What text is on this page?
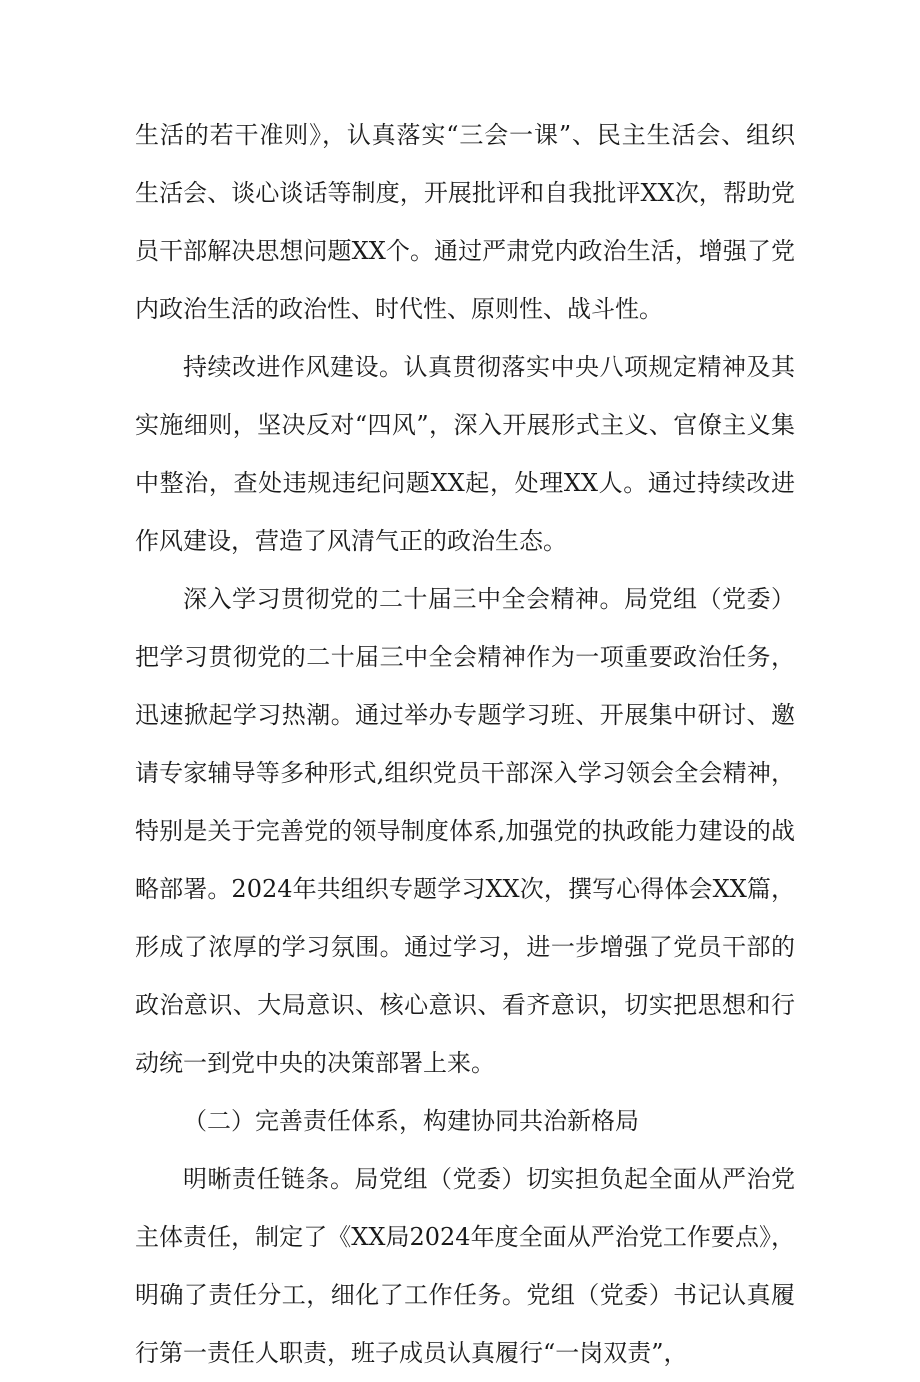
生活的若干准则》，认真落实“三会一课”、民主生活会、组织生活会、谈心谈话等制度，开展批评和自我批评XX次，帮助党员干部解决思想问题XX个。通过严肃党内政治生活，增强了党内政治生活的政治性、时代性、原则性、战斗性。

持续改进作风建设。认真贯彻落实中央八项规定精神及其实施细则，坚决反对“四风”，深入开展形式主义、官僚主义集中整治，查处违规违纪问题XX起，处理XX人。通过持续改进作风建设，营造了风清气正的政治生态。

深入学习贯彻党的二十届三中全会精神。局党组（党委）把学习贯彻党的二十届三中全会精神作为一项重要政治任务，迅速掀起学习热潮。通过举办专题学习班、开展集中研讨、邀请专家辅导等多种形式,组织党员干部深入学习领会全会精神，特别是关于完善党的领导制度体系,加强党的执政能力建设的战略部署。2024年共组织专题学习XX次，撰写心得体会XX篇，形成了浓厚的学习氛围。通过学习，进一步增强了党员干部的政治意识、大局意识、核心意识、看齐意识，切实把思想和行动统一到党中央的决策部署上来。

（二）完善责任体系，构建协同共治新格局

明晰责任链条。局党组（党委）切实担负起全面从严治党主体责任，制定了《XX局2024年度全面从严治党工作要点》，明确了责任分工，细化了工作任务。党组（党委）书记认真履行第一责任人职责，班子成员认真履行“一岗双责”，
